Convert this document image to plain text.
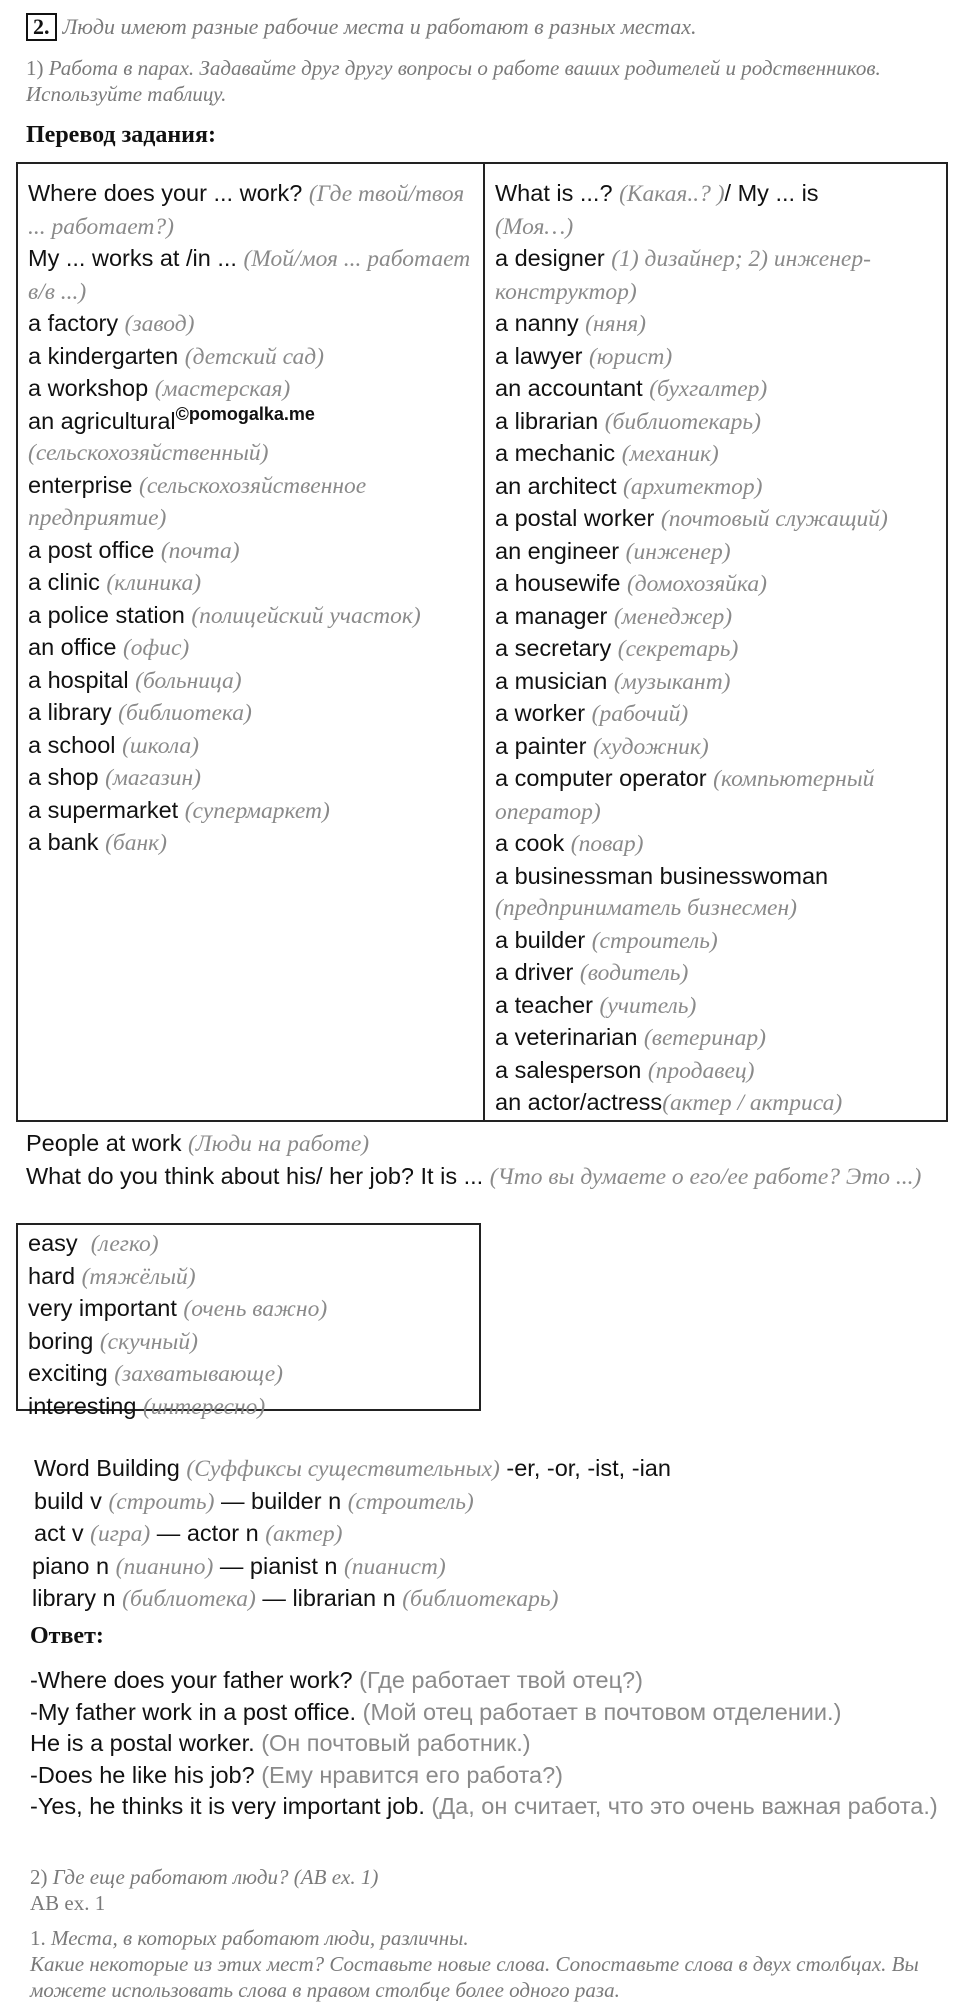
2. Люди имеют разные рабочие места и работают в разных местах.
1) Работа в парах. Задавайте друг другу вопросы о работе ваших родителей и родственников. Используйте таблицу.
Перевод задания:
Where does your ... work? (Где твой/твоя ... работает?)
My ... works at /in ... (Мой/моя ... работает в/в ...)
a factory (завод)
a kindergarten (детский сад)
a workshop (мастерская)
an agricultural$^{©pomogalka.me}$ (сельскохозяйственный)
enterprise (сельскохозяйственное предприятие)
a post office (почта)
a clinic (клиника)
a police station (полицейский участок)
an office (офис)
a hospital (больница)
a library (библиотека)
a school (школа)
a shop (магазин)
a supermarket (супермаркет)
a bank (банк)

What is ...? (Какая..? )/ My ... is
(Моя…)
a designer (1) дизайнер; 2) инженер-конструктор)
a nanny (няня)
a lawyer (юрист)
an accountant (бухгалтер)
a librarian (библиотекарь)
a mechanic (механик)
an architect (архитектор)
a postal worker (почтовый служащий)
an engineer (инженер)
a housewife (домохозяйка)
a manager (менеджер)
a secretary (секретарь)
a musician (музыкант)
a worker (рабочий)
a painter (художник)
a computer operator (компьютерный оператор)
a cook (повар)
a businessman businesswoman (предприниматель бизнесмен)
a builder (строитель)
a driver (водитель)
a teacher (учитель)
a veterinarian (ветеринар)
a salesperson (продавец)
an actor/actress(актер / актриса)
People at work (Люди на работе)
What do you think about his/ her job? It is ... (Что вы думаете о его/ее работе? Это ...)
easy (легко)
hard (тяжёлый)
very important (очень важно)
boring (скучный)
exciting (захватывающе)
interesting (интересно)
Word Building (Суффиксы существительных) -er, -or, -ist, -ian
build v (строить) — builder n (строитель)
act v (игра) — actor n (актер)
piano n (пианино) — pianist n (пианист)
library n (библиотека) — librarian n (библиотекарь)
Ответ:
-Where does your father work? (Где работает твой отец?)
-My father work in a post office. (Мой отец работает в почтовом отделении.)
He is a postal worker. (Он почтовый работник.)
-Does he like his job? (Ему нравится его работа?)
-Yes, he thinks it is very important job. (Да, он считает, что это очень важная работа.)
2) Где еще работают люди? (AB ex. 1)
AB ex. 1
1. Места, в которых работают люди, различны.
Какие некоторые из этих мест? Составьте новые слова. Сопоставьте слова в двух столбцах. Вы можете использовать слова в правом столбце более одного раза.
